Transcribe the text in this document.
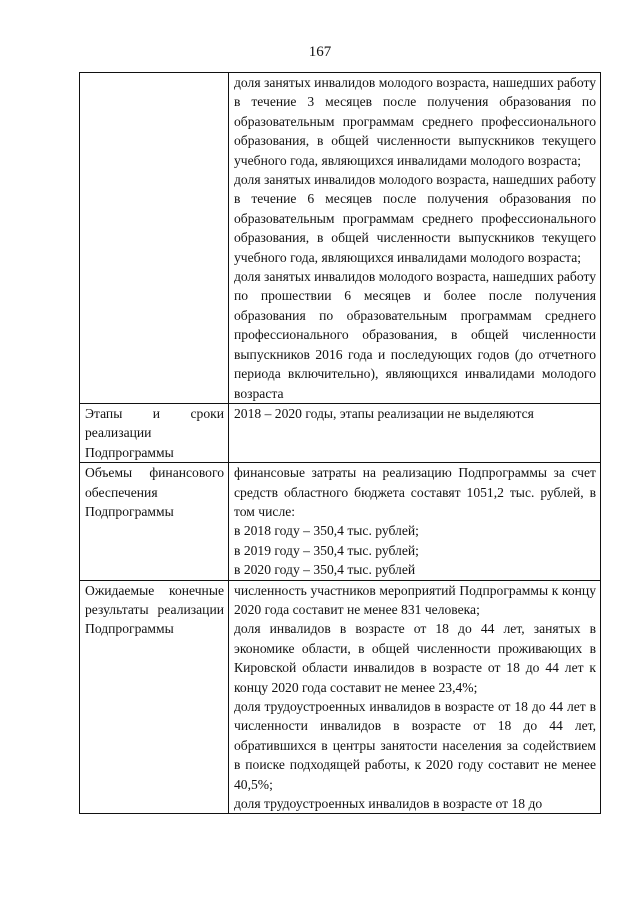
167

	доля занятых инвалидов молодого возраста, нашедших работу в течение 3 месяцев после получения образования по образовательным программам среднего профессионального образования, в общей численности выпускников текущего учебного года, являющихся инвалидами молодого возраста;
доля занятых инвалидов молодого возраста, нашедших работу в течение 6 месяцев после получения образования по образовательным программам среднего профессионального образования, в общей численности выпускников текущего учебного года, являющихся инвалидами молодого возраста;
доля занятых инвалидов молодого возраста, нашедших работу по прошествии 6 месяцев и более после получения образования по образовательным программам среднего профессионального образования, в общей численности выпускников 2016 года и последующих годов (до отчетного периода включительно), являющихся инвалидами молодого возраста

Этапы и сроки реализации Подпрограммы	2018 – 2020 годы, этапы реализации не выделяются

Объемы финансового обеспечения Подпрограммы	финансовые затраты на реализацию Подпрограммы за счет средств областного бюджета составят 1051,2 тыс. рублей, в том числе:
в 2018 году – 350,4 тыс. рублей;
в 2019 году – 350,4 тыс. рублей;
в 2020 году – 350,4 тыс. рублей

Ожидаемые конечные результаты реализации Подпрограммы	численность участников мероприятий Подпрограммы к концу 2020 года составит не менее 831 человека;
доля инвалидов в возрасте от 18 до 44 лет, занятых в экономике области, в общей численности проживающих в Кировской области инвалидов в возрасте от 18 до 44 лет к концу 2020 года составит не менее 23,4%;
доля трудоустроенных инвалидов в возрасте от 18 до 44 лет в численности инвалидов в возрасте от 18 до 44 лет, обратившихся в центры занятости населения за содействием в поиске подходящей работы, к 2020 году составит не менее 40,5%;
доля трудоустроенных инвалидов в возрасте от 18 до
